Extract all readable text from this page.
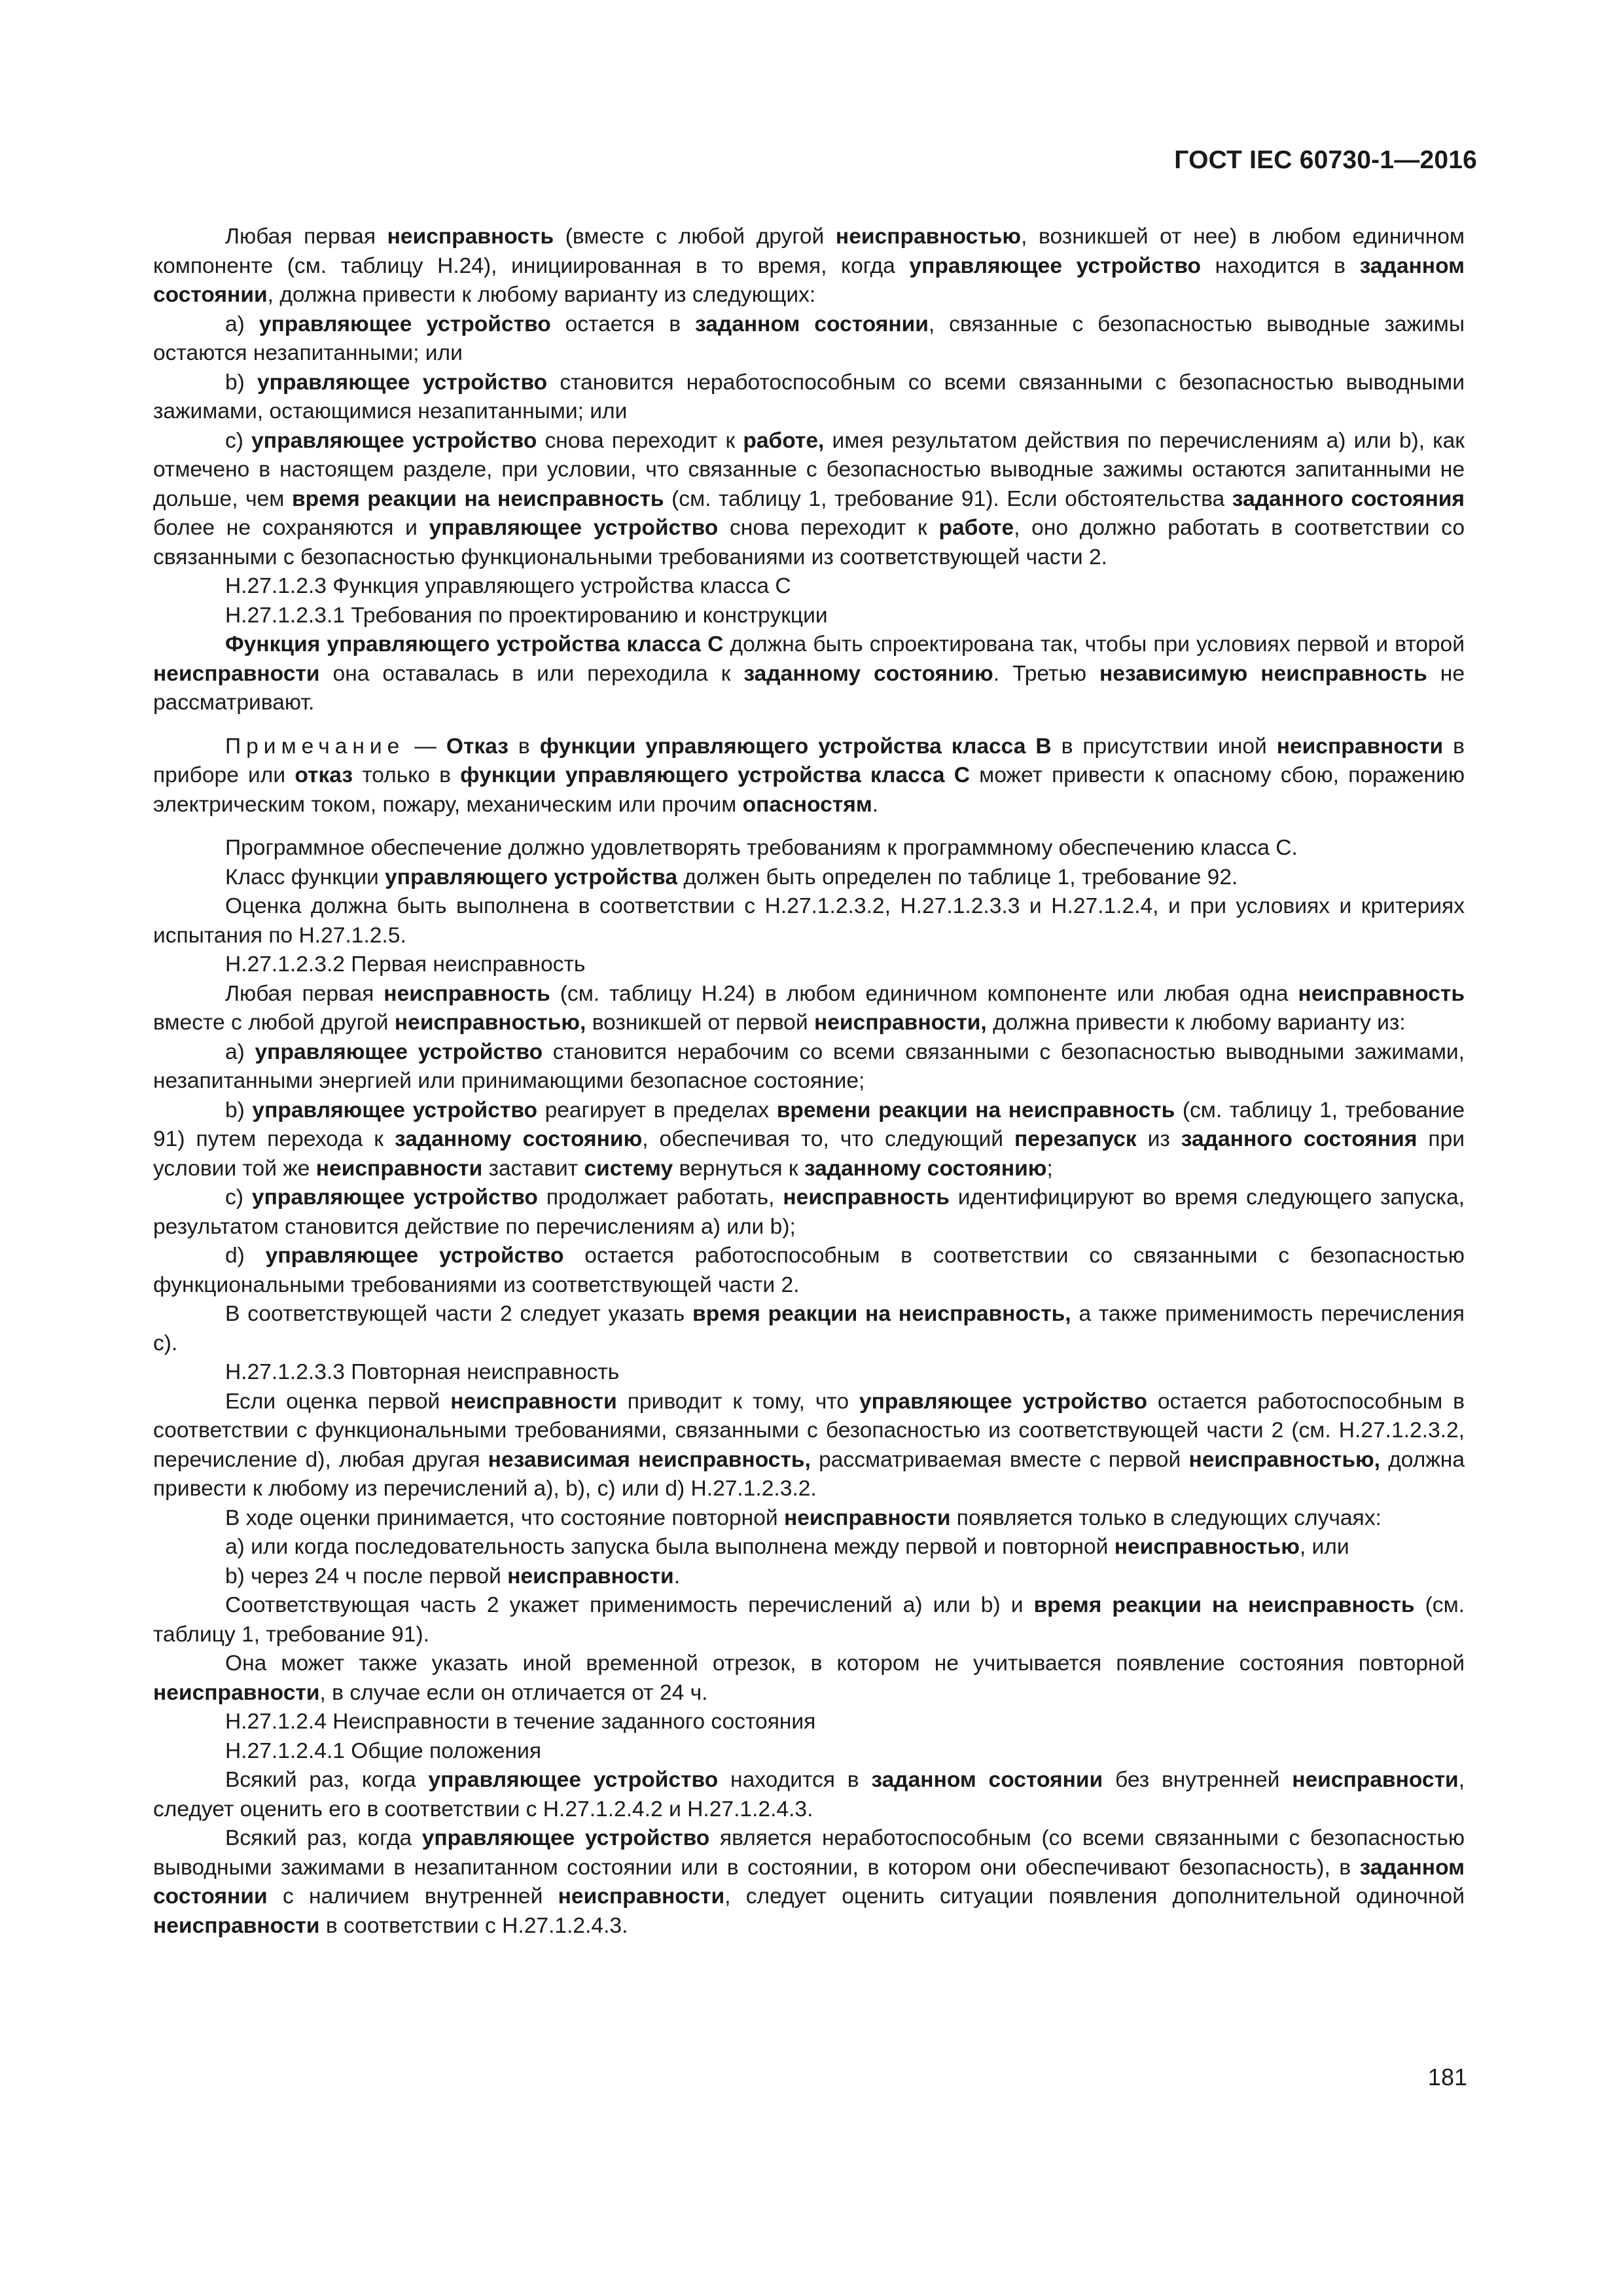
ГОСТ IEC 60730-1—2016

Любая первая неисправность (вместе с любой другой неисправностью, возникшей от нее) в любом единичном компоненте (см. таблицу Н.24), инициированная в то время, когда управляющее устройство находится в заданном состоянии, должна привести к любому варианту из следующих:

a) управляющее устройство остается в заданном состоянии, связанные с безопасностью выводные зажимы остаются незапитанными; или

b) управляющее устройство становится неработоспособным со всеми связанными с безопасностью выводными зажимами, остающимися незапитанными; или

c) управляющее устройство снова переходит к работе, имея результатом действия по перечислениям a) или b), как отмечено в настоящем разделе, при условии, что связанные с безопасностью выводные зажимы остаются запитанными не дольше, чем время реакции на неисправность (см. таблицу 1, требование 91). Если обстоятельства заданного состояния более не сохраняются и управляющее устройство снова переходит к работе, оно должно работать в соответствии со связанными с безопасностью функциональными требованиями из соответствующей части 2.

Н.27.1.2.3 Функция управляющего устройства класса С

Н.27.1.2.3.1 Требования по проектированию и конструкции

Функция управляющего устройства класса С должна быть спроектирована так, чтобы при условиях первой и второй неисправности она оставалась в или переходила к заданному состоянию. Третью независимую неисправность не рассматривают.

Примечание — Отказ в функции управляющего устройства класса В в присутствии иной неисправности в приборе или отказ только в функции управляющего устройства класса С может привести к опасному сбою, поражению электрическим током, пожару, механическим или прочим опасностям.

Программное обеспечение должно удовлетворять требованиям к программному обеспечению класса С.

Класс функции управляющего устройства должен быть определен по таблице 1, требование 92.

Оценка должна быть выполнена в соответствии с Н.27.1.2.3.2, Н.27.1.2.3.3 и Н.27.1.2.4, и при условиях и критериях испытания по Н.27.1.2.5.

Н.27.1.2.3.2 Первая неисправность

Любая первая неисправность (см. таблицу Н.24) в любом единичном компоненте или любая одна неисправность вместе с любой другой неисправностью, возникшей от первой неисправности, должна привести к любому варианту из:

a) управляющее устройство становится нерабочим со всеми связанными с безопасностью выводными зажимами, незапитанными энергией или принимающими безопасное состояние;

b) управляющее устройство реагирует в пределах времени реакции на неисправность (см. таблицу 1, требование 91) путем перехода к заданному состоянию, обеспечивая то, что следующий перезапуск из заданного состояния при условии той же неисправности заставит систему вернуться к заданному состоянию;

c) управляющее устройство продолжает работать, неисправность идентифицируют во время следующего запуска, результатом становится действие по перечислениям a) или b);

d) управляющее устройство остается работоспособным в соответствии со связанными с безопасностью функциональными требованиями из соответствующей части 2.

В соответствующей части 2 следует указать время реакции на неисправность, а также применимость перечисления c).

Н.27.1.2.3.3 Повторная неисправность

Если оценка первой неисправности приводит к тому, что управляющее устройство остается работоспособным в соответствии с функциональными требованиями, связанными с безопасностью из соответствующей части 2 (см. Н.27.1.2.3.2, перечисление d), любая другая независимая неисправность, рассматриваемая вместе с первой неисправностью, должна привести к любому из перечислений a), b), c) или d) Н.27.1.2.3.2.

В ходе оценки принимается, что состояние повторной неисправности появляется только в следующих случаях:

a) или когда последовательность запуска была выполнена между первой и повторной неисправностью, или

b) через 24 ч после первой неисправности.

Соответствующая часть 2 укажет применимость перечислений a) или b) и время реакции на неисправность (см. таблицу 1, требование 91).

Она может также указать иной временной отрезок, в котором не учитывается появление состояния повторной неисправности, в случае если он отличается от 24 ч.

Н.27.1.2.4 Неисправности в течение заданного состояния

Н.27.1.2.4.1 Общие положения

Всякий раз, когда управляющее устройство находится в заданном состоянии без внутренней неисправности, следует оценить его в соответствии с Н.27.1.2.4.2 и Н.27.1.2.4.3.

Всякий раз, когда управляющее устройство является неработоспособным (со всеми связанными с безопасностью выводными зажимами в незапитанном состоянии или в состоянии, в котором они обеспечивают безопасность), в заданном состоянии с наличием внутренней неисправности, следует оценить ситуации появления дополнительной одиночной неисправности в соответствии с Н.27.1.2.4.3.

181
